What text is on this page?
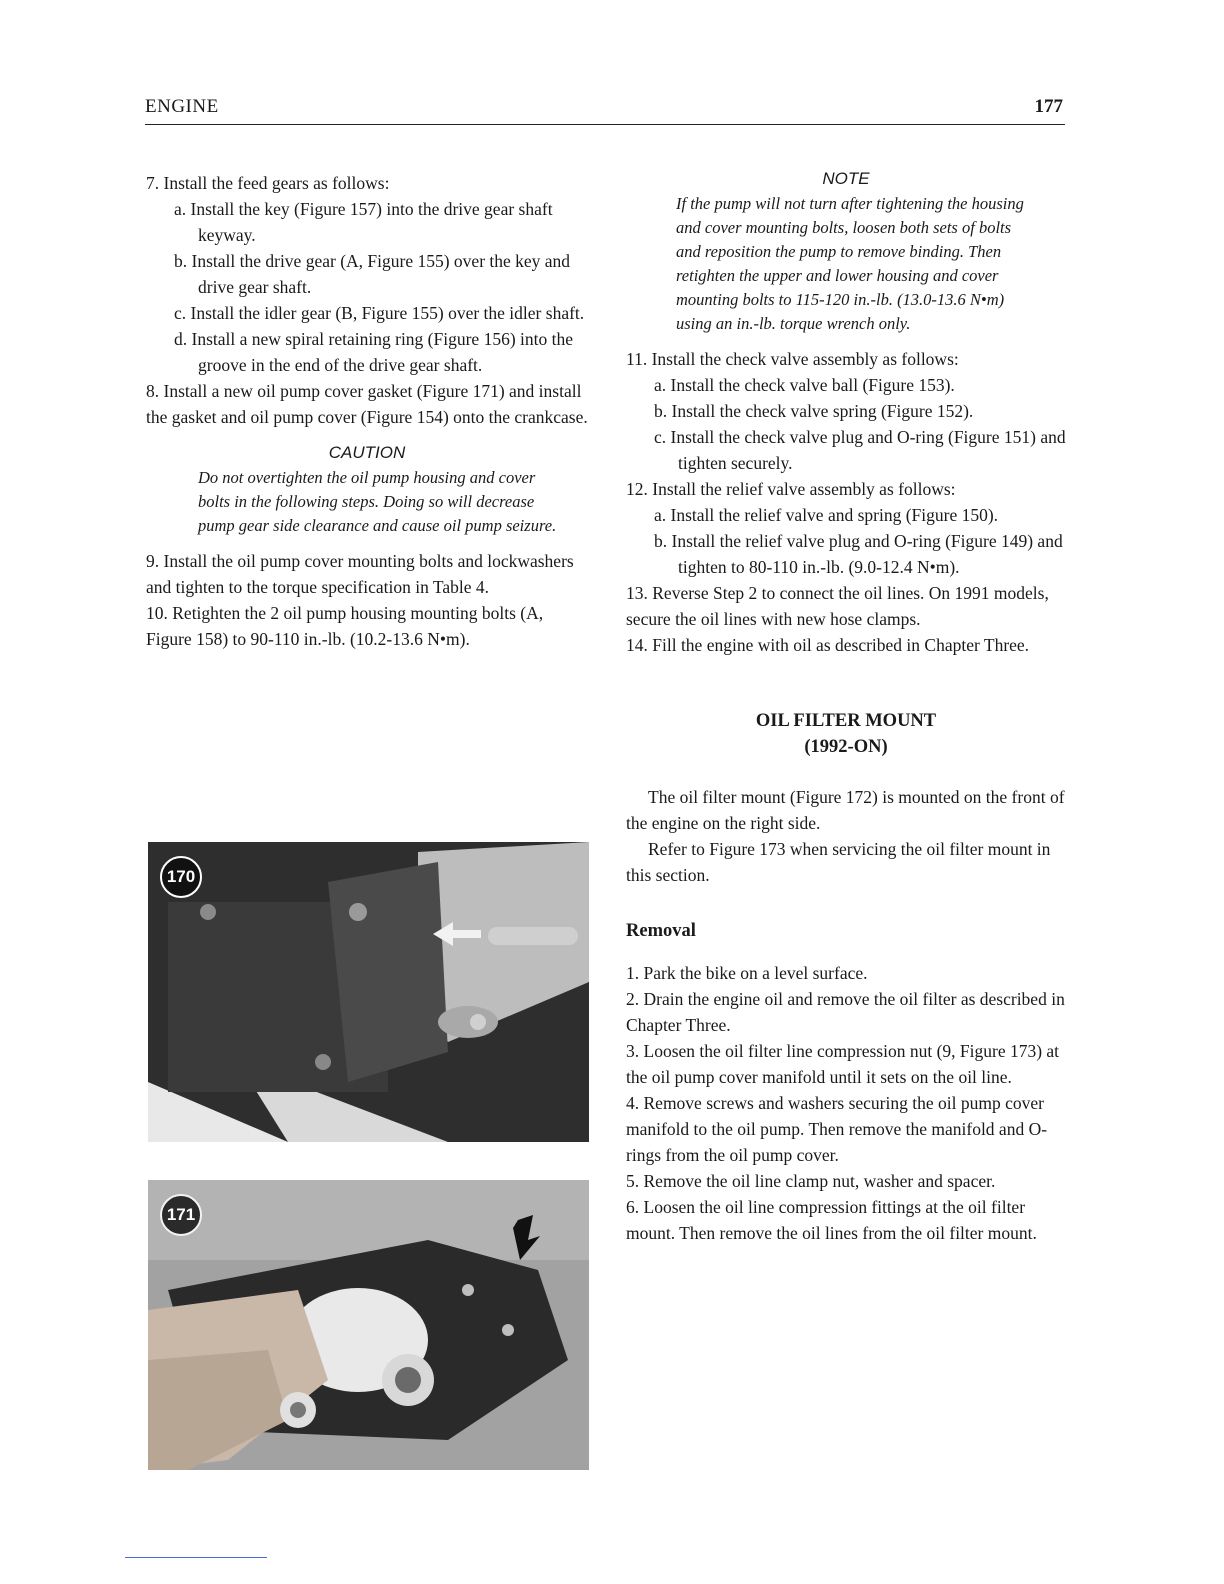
ENGINE	177

7. Install the feed gears as follows:

a. Install the key (Figure 157) into the drive gear shaft keyway.

b. Install the drive gear (A, Figure 155) over the key and drive gear shaft.

c. Install the idler gear (B, Figure 155) over the idler shaft.

d. Install a new spiral retaining ring (Figure 156) into the groove in the end of the drive gear shaft.

8. Install a new oil pump cover gasket (Figure 171) and install the gasket and oil pump cover (Figure 154) onto the crankcase.

CAUTION

Do not overtighten the oil pump housing and cover bolts in the following steps. Doing so will decrease pump gear side clearance and cause oil pump seizure.

9. Install the oil pump cover mounting bolts and lockwashers and tighten to the torque specification in Table 4.

10. Retighten the 2 oil pump housing mounting bolts (A, Figure 158) to 90-110 in.-lb. (10.2-13.6 N•m).

170
171

NOTE

If the pump will not turn after tightening the housing and cover mounting bolts, loosen both sets of bolts and reposition the pump to remove binding. Then retighten the upper and lower housing and cover mounting bolts to 115-120 in.-lb. (13.0-13.6 N•m) using an in.-lb. torque wrench only.

11. Install the check valve assembly as follows:

a. Install the check valve ball (Figure 153).

b. Install the check valve spring (Figure 152).

c. Install the check valve plug and O-ring (Figure 151) and tighten securely.

12. Install the relief valve assembly as follows:

a. Install the relief valve and spring (Figure 150).

b. Install the relief valve plug and O-ring (Figure 149) and tighten to 80-110 in.-lb. (9.0-12.4 N•m).

13. Reverse Step 2 to connect the oil lines. On 1991 models, secure the oil lines with new hose clamps.

14. Fill the engine with oil as described in Chapter Three.

OIL FILTER MOUNT

(1992-ON)

The oil filter mount (Figure 172) is mounted on the front of the engine on the right side.

Refer to Figure 173 when servicing the oil filter mount in this section.

Removal

1. Park the bike on a level surface.

2. Drain the engine oil and remove the oil filter as described in Chapter Three.

3. Loosen the oil filter line compression nut (9, Figure 173) at the oil pump cover manifold until it sets on the oil line.

4. Remove screws and washers securing the oil pump cover manifold to the oil pump. Then remove the manifold and O-rings from the oil pump cover.

5. Remove the oil line clamp nut, washer and spacer.

6. Loosen the oil line compression fittings at the oil filter mount. Then remove the oil lines from the oil filter mount.
